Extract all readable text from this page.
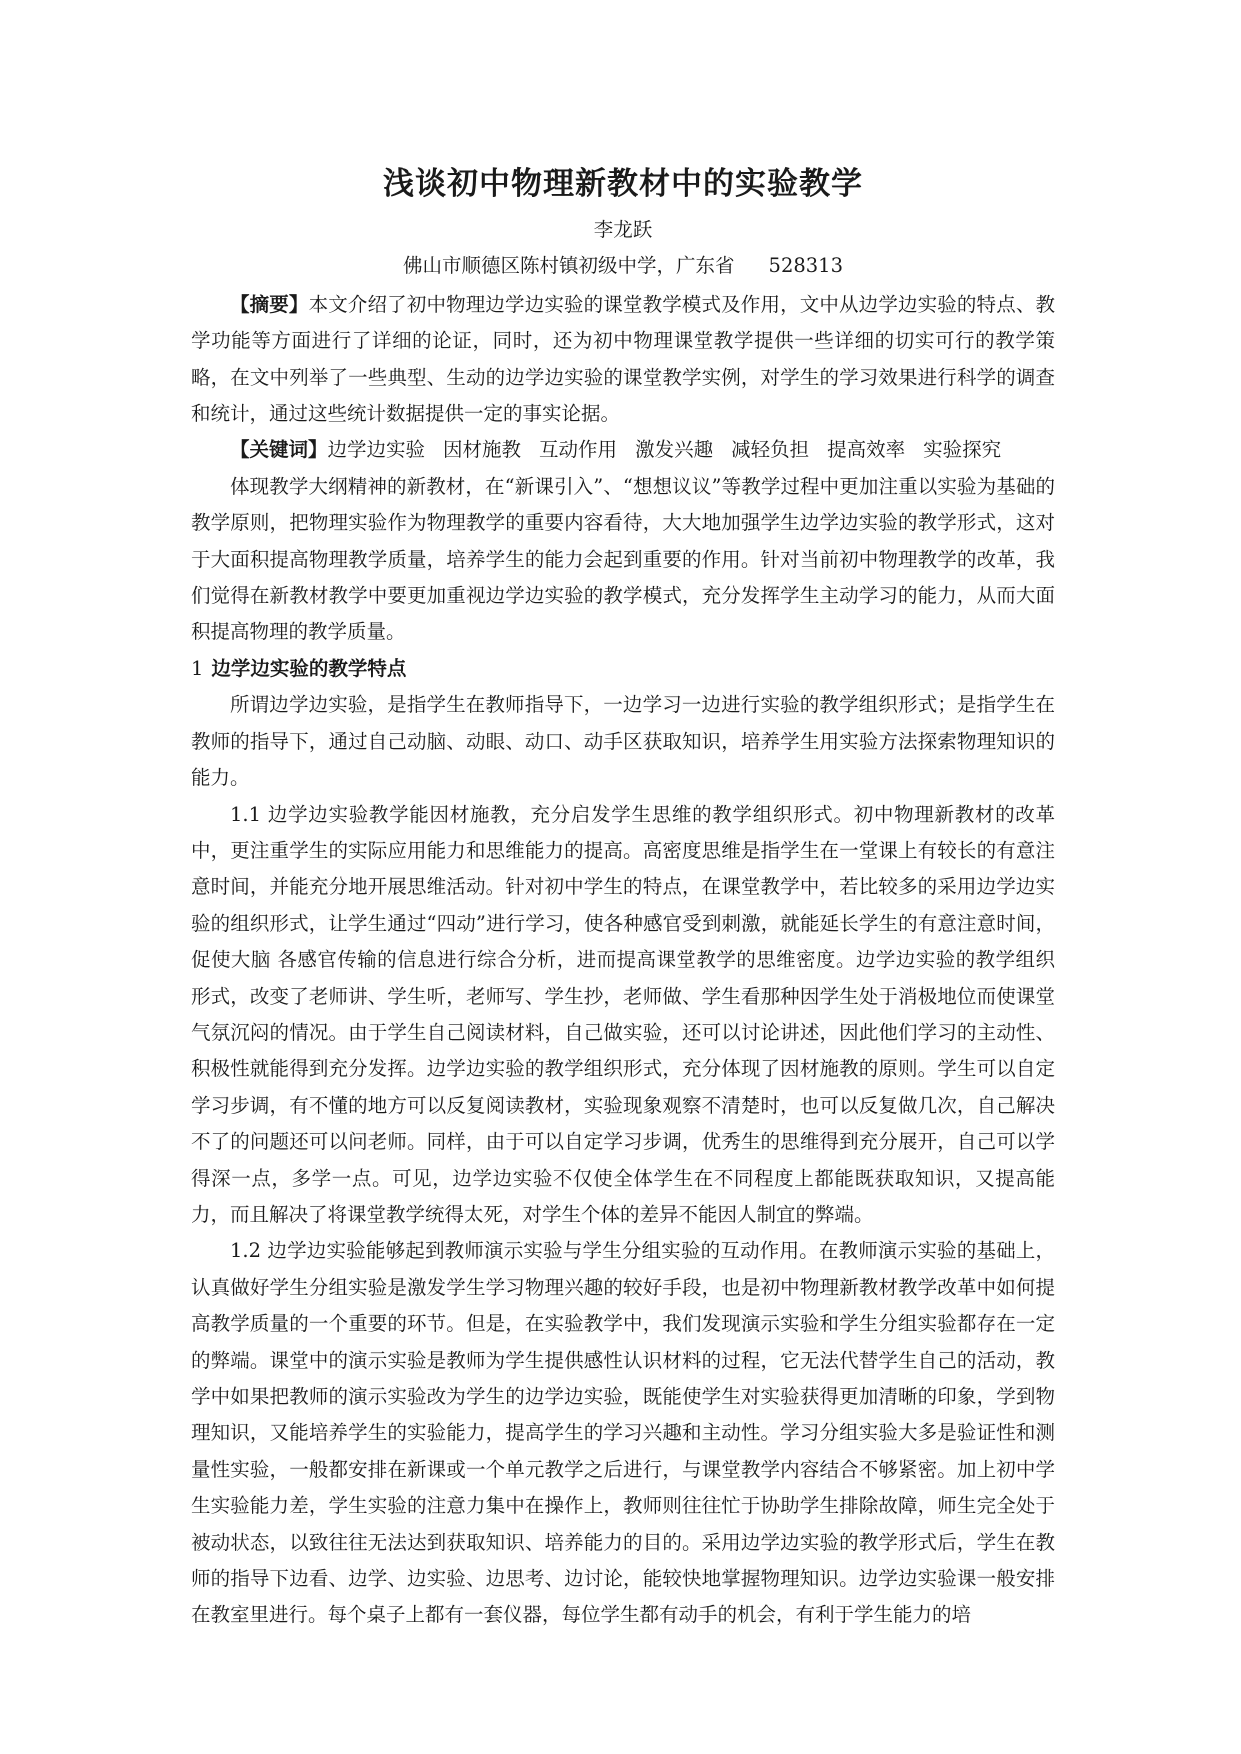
浅谈初中物理新教材中的实验教学
李龙跃
佛山市顺德区陈村镇初级中学，广东省 528313

【摘要】本文介绍了初中物理边学边实验的课堂教学模式及作用，文中从边学边实验的特点、教学功能等方面进行了详细的论证，同时，还为初中物理课堂教学提供一些详细的切实可行的教学策略，在文中列举了一些典型、生动的边学边实验的课堂教学实例，对学生的学习效果进行科学的调查和统计，通过这些统计数据提供一定的事实论据。

【关键词】边学边实验 因材施教 互动作用 激发兴趣 减轻负担 提高效率 实验探究

体现教学大纲精神的新教材，在“新课引入”、“想想议议”等教学过程中更加注重以实验为基础的教学原则，把物理实验作为物理教学的重要内容看待，大大地加强学生边学边实验的教学形式，这对于大面积提高物理教学质量，培养学生的能力会起到重要的作用。针对当前初中物理教学的改革，我们觉得在新教材教学中要更加重视边学边实验的教学模式，充分发挥学生主动学习的能力，从而大面积提高物理的教学质量。

1 边学边实验的教学特点

所谓边学边实验，是指学生在教师指导下，一边学习一边进行实验的教学组织形式；是指学生在教师的指导下，通过自己动脑、动眼、动口、动手区获取知识，培养学生用实验方法探索物理知识的能力。

1.1 边学边实验教学能因材施教，充分启发学生思维的教学组织形式。初中物理新教材的改革中，更注重学生的实际应用能力和思维能力的提高。高密度思维是指学生在一堂课上有较长的有意注意时间，并能充分地开展思维活动。针对初中学生的特点，在课堂教学中，若比较多的采用边学边实验的组织形式，让学生通过“四动”进行学习，使各种感官受到刺激，就能延长学生的有意注意时间，促使大脑 各感官传输的信息进行综合分析，进而提高课堂教学的思维密度。边学边实验的教学组织形式，改变了老师讲、学生听，老师写、学生抄，老师做、学生看那种因学生处于消极地位而使课堂气氛沉闷的情况。由于学生自己阅读材料，自己做实验，还可以讨论讲述，因此他们学习的主动性、积极性就能得到充分发挥。边学边实验的教学组织形式，充分体现了因材施教的原则。学生可以自定学习步调，有不懂的地方可以反复阅读教材，实验现象观察不清楚时，也可以反复做几次，自己解决不了的问题还可以问老师。同样，由于可以自定学习步调，优秀生的思维得到充分展开，自己可以学得深一点，多学一点。可见，边学边实验不仅使全体学生在不同程度上都能既获取知识，又提高能力，而且解决了将课堂教学统得太死，对学生个体的差异不能因人制宜的弊端。

1.2 边学边实验能够起到教师演示实验与学生分组实验的互动作用。在教师演示实验的基础上，认真做好学生分组实验是激发学生学习物理兴趣的较好手段，也是初中物理新教材教学改革中如何提高教学质量的一个重要的环节。但是，在实验教学中，我们发现演示实验和学生分组实验都存在一定的弊端。课堂中的演示实验是教师为学生提供感性认识材料的过程，它无法代替学生自己的活动，教学中如果把教师的演示实验改为学生的边学边实验，既能使学生对实验获得更加清晰的印象，学到物理知识，又能培养学生的实验能力，提高学生的学习兴趣和主动性。学习分组实验大多是验证性和测量性实验，一般都安排在新课或一个单元教学之后进行，与课堂教学内容结合不够紧密。加上初中学生实验能力差，学生实验的注意力集中在操作上，教师则往往忙于协助学生排除故障，师生完全处于被动状态，以致往往无法达到获取知识、培养能力的目的。采用边学边实验的教学形式后，学生在教师的指导下边看、边学、边实验、边思考、边讨论，能较快地掌握物理知识。边学边实验课一般安排在教室里进行。每个桌子上都有一套仪器，每位学生都有动手的机会，有利于学生能力的培
